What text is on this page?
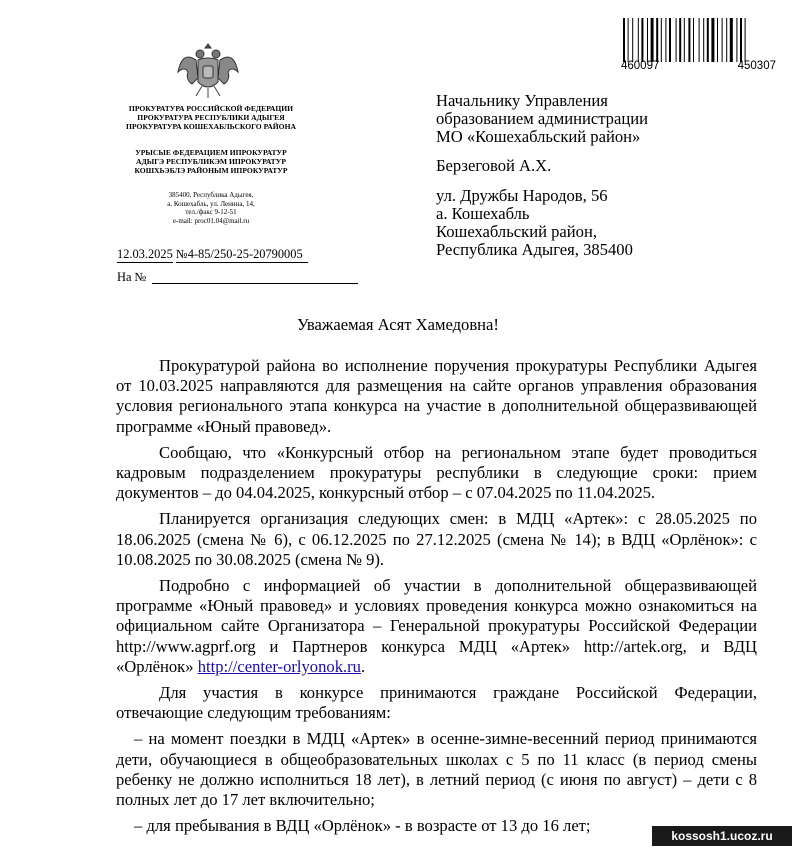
ПРОКУРАТУРА РОССИЙСКОЙ ФЕДЕРАЦИИ
ПРОКУРАТУРА РЕСПУБЛИКИ АДЫГЕЯ
ПРОКУРАТУРА КОШЕХАБЛЬСКОГО РАЙОНА
УРЫСЫЕ ФЕДЕРАЦИЕМ ИПРОКУРАТУР
АДЫГЭ РЕСПУБЛИКЭМ ИПРОКУРАТУР
КОШХЬЭБЛЭ РАЙОНЫМ ИПРОКУРАТУР
385400, Республика Адыгея,
а. Кошехабль, ул. Ленина, 14,
тел./факс 9-12-51
e-mail: proc01.04@mail.ru
12.03.2025 №4-85/250-25-20790005
На №
460097	450307
Начальнику Управления
образованием администрации
МО «Кошехабльский район»
Берзеговой А.Х.
ул. Дружбы Народов, 56
а. Кошехабль
Кошехабльский район,
Республика Адыгея, 385400
Уважаемая Асят Хамедовна!

Прокуратурой района во исполнение поручения прокуратуры Республики Адыгея от 10.03.2025 направляются для размещения на сайте органов управления образования условия регионального этапа конкурса на участие в дополнительной общеразвивающей программе «Юный правовед».

Сообщаю, что «Конкурсный отбор на региональном этапе будет проводиться кадровым подразделением прокуратуры республики в следующие сроки: прием документов – до 04.04.2025, конкурсный отбор – с 07.04.2025 по 11.04.2025.

Планируется организация следующих смен: в МДЦ «Артек»: с 28.05.2025 по 18.06.2025 (смена № 6), с 06.12.2025 по 27.12.2025 (смена № 14); в ВДЦ «Орлёнок»: с 10.08.2025 по 30.08.2025 (смена № 9).

Подробно с информацией об участии в дополнительной общеразвивающей программе «Юный правовед» и условиях проведения конкурса можно ознакомиться на официальном сайте Организатора – Генеральной прокуратуры Российской Федерации http://www.agprf.org и Партнеров конкурса МДЦ «Артек» http://artek.org, и ВДЦ «Орлёнок» http://center-orlyonok.ru.

Для участия в конкурсе принимаются граждане Российской Федерации, отвечающие следующим требованиям:

– на момент поездки в МДЦ «Артек» в осенне-зимне-весенний период принимаются дети, обучающиеся в общеобразовательных школах с 5 по 11 класс (в период смены ребенку не должно исполниться 18 лет), в летний период (с июня по август) – дети с 8 полных лет до 17 лет включительно;

– для пребывания в ВДЦ «Орлёнок» - в возрасте от 13 до 16 лет;

kossosh1.ucoz.ru
